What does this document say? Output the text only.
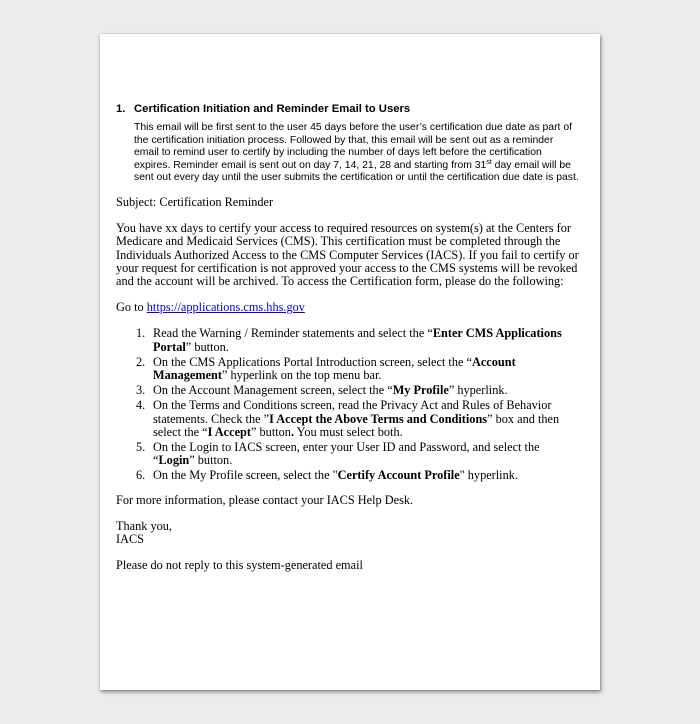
1. Certification Initiation and Reminder Email to Users

This email will be first sent to the user 45 days before the user’s certification due date as part of the certification initiation process. Followed by that, this email will be sent out as a reminder email to remind user to certify by including the number of days left before the certification expires. Reminder email is sent out on day 7, 14, 21, 28 and starting from 31st day email will be sent out every day until the user submits the certification or until the certification due date is past.

Subject: Certification Reminder

You have xx days to certify your access to required resources on system(s) at the Centers for Medicare and Medicaid Services (CMS). This certification must be completed through the Individuals Authorized Access to the CMS Computer Services (IACS). If you fail to certify or your request for certification is not approved your access to the CMS systems will be revoked and the account will be archived. To access the Certification form, please do the following:

Go to https://applications.cms.hhs.gov

1. Read the Warning / Reminder statements and select the “Enter CMS Applications Portal” button.
2. On the CMS Applications Portal Introduction screen, select the “Account Management” hyperlink on the top menu bar.
3. On the Account Management screen, select the “My Profile” hyperlink.
4. On the Terms and Conditions screen, read the Privacy Act and Rules of Behavior statements. Check the ”I Accept the Above Terms and Conditions” box and then select the “I Accept” button. You must select both.
5. On the Login to IACS screen, enter your User ID and Password, and select the “Login” button.
6. On the My Profile screen, select the "Certify Account Profile" hyperlink.

For more information, please contact your IACS Help Desk.

Thank you,
IACS

Please do not reply to this system-generated email
